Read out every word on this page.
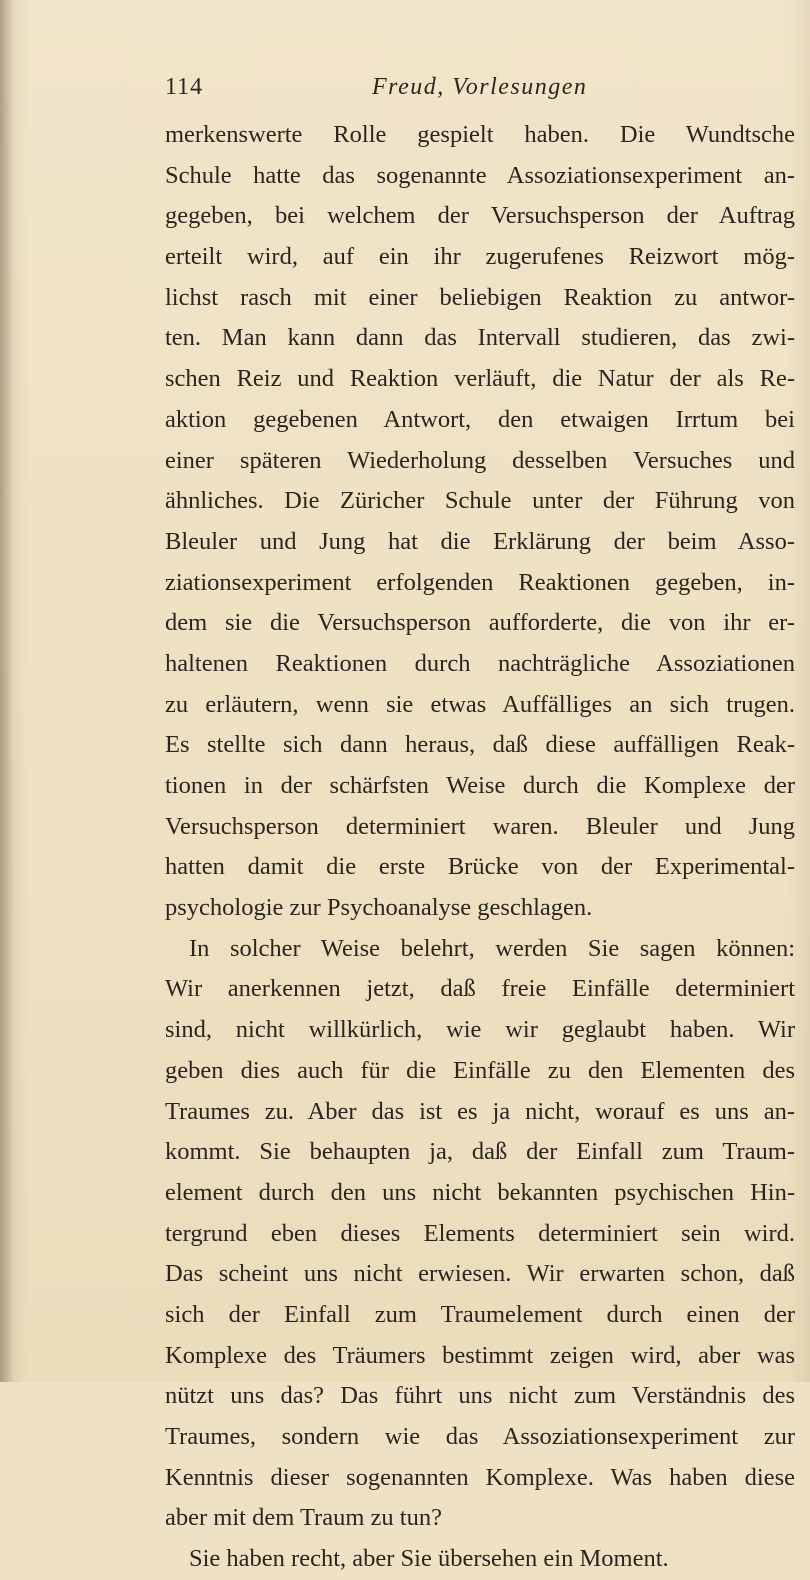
114	Freud, Vorlesungen
merkenswerte Rolle gespielt haben. Die Wundtsche
Schule hatte das sogenannte Assoziationsexperiment an-
gegeben, bei welchem der Versuchsperson der Auftrag
erteilt wird, auf ein ihr zugerufenes Reizwort mög-
lichst rasch mit einer beliebigen Reaktion zu antwor-
ten. Man kann dann das Intervall studieren, das zwi-
schen Reiz und Reaktion verläuft, die Natur der als Re-
aktion gegebenen Antwort, den etwaigen Irrtum bei
einer späteren Wiederholung desselben Versuches und
ähnliches. Die Züricher Schule unter der Führung von
Bleuler und Jung hat die Erklärung der beim Asso-
ziationsexperiment erfolgenden Reaktionen gegeben, in-
dem sie die Versuchsperson aufforderte, die von ihr er-
haltenen Reaktionen durch nachträgliche Assoziationen
zu erläutern, wenn sie etwas Auffälliges an sich trugen.
Es stellte sich dann heraus, daß diese auffälligen Reak-
tionen in der schärfsten Weise durch die Komplexe der
Versuchsperson determiniert waren. Bleuler und Jung
hatten damit die erste Brücke von der Experimental-
psychologie zur Psychoanalyse geschlagen.
In solcher Weise belehrt, werden Sie sagen können:
Wir anerkennen jetzt, daß freie Einfälle determiniert
sind, nicht willkürlich, wie wir geglaubt haben. Wir
geben dies auch für die Einfälle zu den Elementen des
Traumes zu. Aber das ist es ja nicht, worauf es uns an-
kommt. Sie behaupten ja, daß der Einfall zum Traum-
element durch den uns nicht bekannten psychischen Hin-
tergrund eben dieses Elements determiniert sein wird.
Das scheint uns nicht erwiesen. Wir erwarten schon, daß
sich der Einfall zum Traumelement durch einen der
Komplexe des Träumers bestimmt zeigen wird, aber was
nützt uns das? Das führt uns nicht zum Verständnis des
Traumes, sondern wie das Assoziationsexperiment zur
Kenntnis dieser sogenannten Komplexe. Was haben diese
aber mit dem Traum zu tun?
Sie haben recht, aber Sie übersehen ein Moment.
